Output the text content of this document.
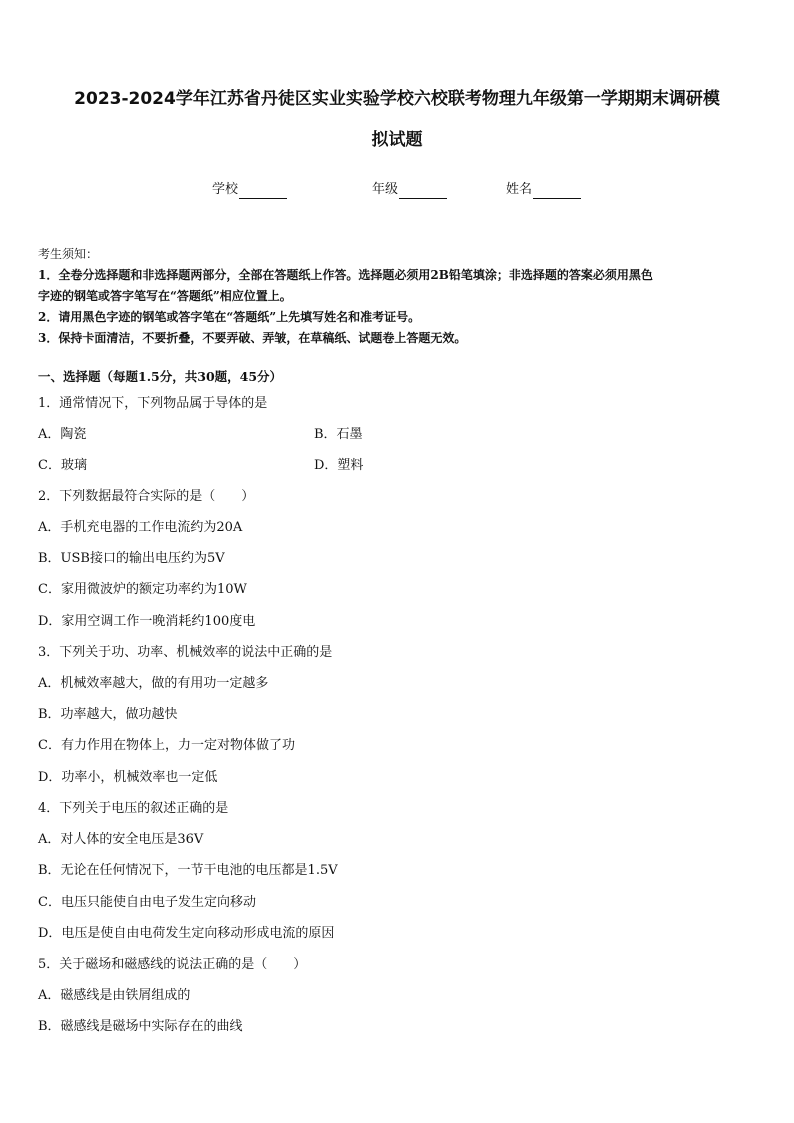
2023-2024学年江苏省丹徒区实业实验学校六校联考物理九年级第一学期期末调研模
拟试题
学校	年级	姓名
考生须知：
1．全卷分选择题和非选择题两部分，全部在答题纸上作答。选择题必须用2B铅笔填涂；非选择题的答案必须用黑色
字迹的钢笔或答字笔写在“答题纸”相应位置上。
2．请用黑色字迹的钢笔或答字笔在“答题纸”上先填写姓名和准考证号。
3．保持卡面清洁，不要折叠，不要弄破、弄皱，在草稿纸、试题卷上答题无效。
一、选择题（每题1.5分，共30题，45分）
1．通常情况下，下列物品属于导体的是
A．陶瓷	B．石墨
C．玻璃	D．塑料
2．下列数据最符合实际的是（　　）
A．手机充电器的工作电流约为20A
B．USB接口的输出电压约为5V
C．家用微波炉的额定功率约为10W
D．家用空调工作一晚消耗约100度电
3．下列关于功、功率、机械效率的说法中正确的是
A．机械效率越大，做的有用功一定越多
B．功率越大，做功越快
C．有力作用在物体上，力一定对物体做了功
D．功率小，机械效率也一定低
4．下列关于电压的叙述正确的是
A．对人体的安全电压是36V
B．无论在任何情况下，一节干电池的电压都是1.5V
C．电压只能使自由电子发生定向移动
D．电压是使自由电荷发生定向移动形成电流的原因
5．关于磁场和磁感线的说法正确的是（　　）
A．磁感线是由铁屑组成的
B．磁感线是磁场中实际存在的曲线
